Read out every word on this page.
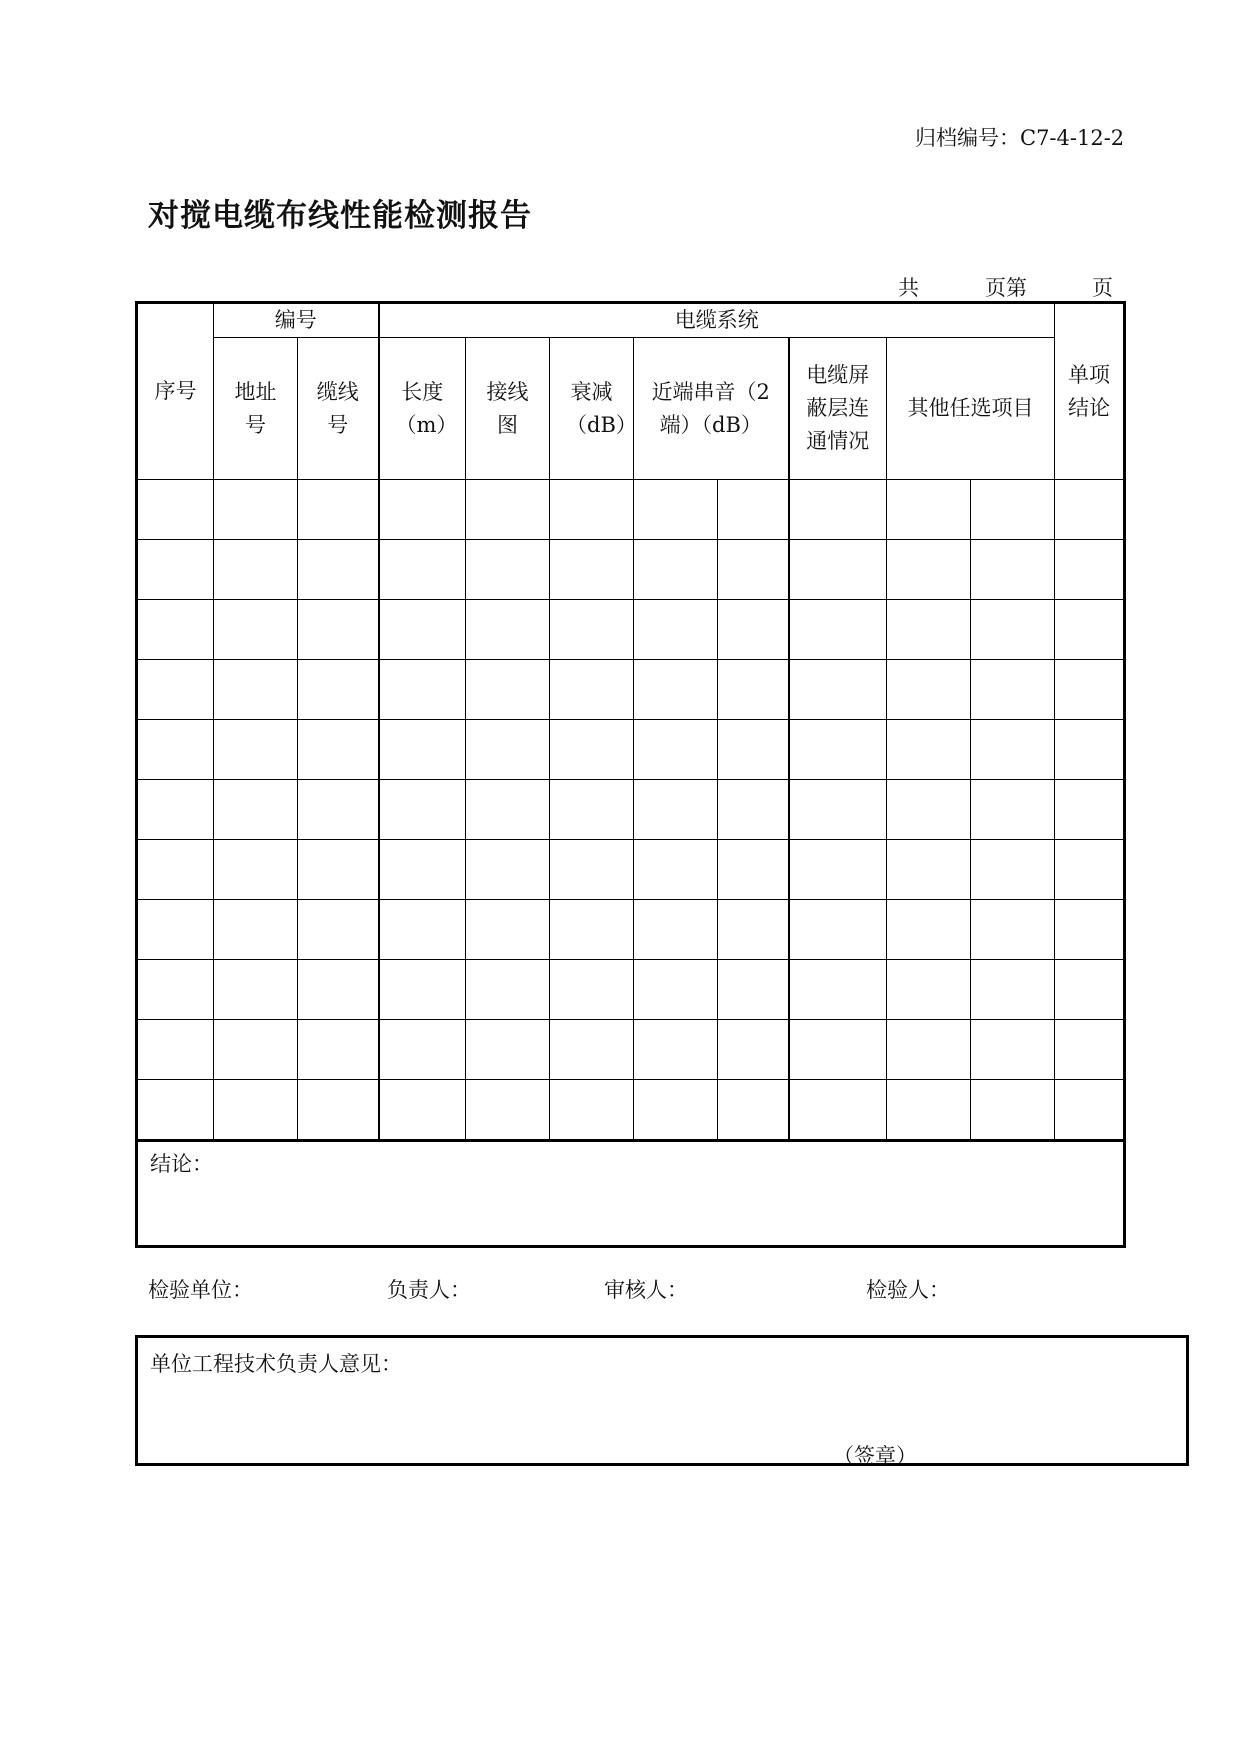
归档编号：C7-4-12-2
对搅电缆布线性能检测报告
共	页第	页
序号	编号		电缆系统								单项结论
	地址号	缆线号	长度（m）	接线图	衰减（dB）	近端串音（2端）（dB）		电缆屏蔽层连通情况	其他任选项目		

结论：											
检验单位：	负责人：	审核人：	检验人：
单位工程技术负责人意见：
（签章）
